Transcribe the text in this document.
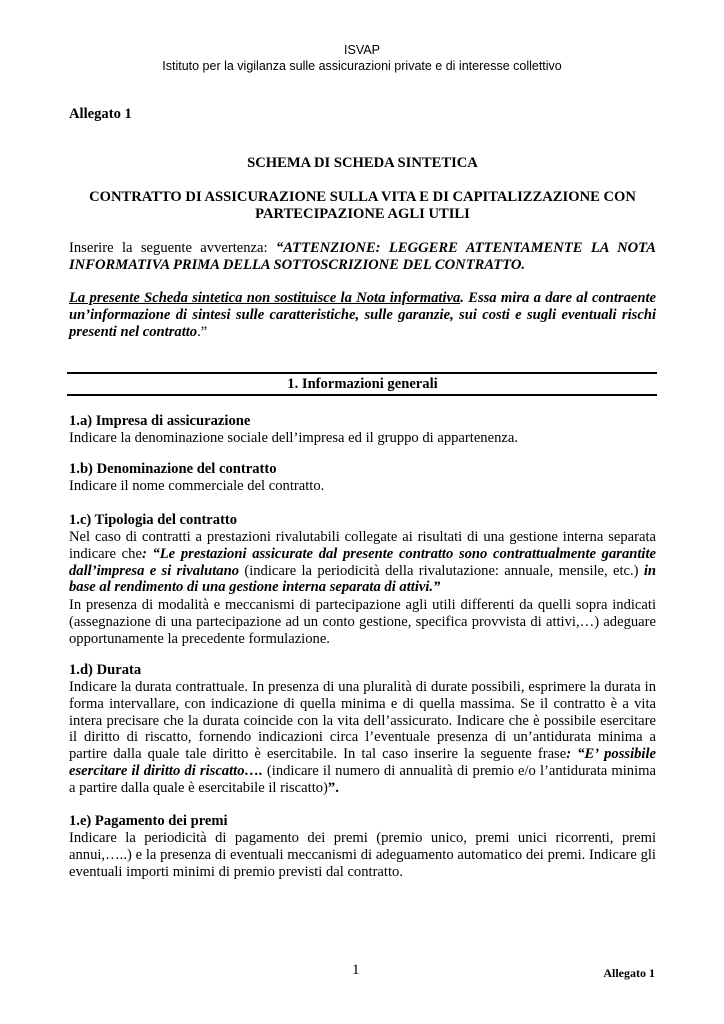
ISVAP
Istituto per la vigilanza sulle assicurazioni private e di interesse collettivo
Allegato 1
SCHEMA DI SCHEDA SINTETICA
CONTRATTO DI ASSICURAZIONE SULLA VITA E DI CAPITALIZZAZIONE CON PARTECIPAZIONE AGLI UTILI

Inserire la seguente avvertenza: “ATTENZIONE: LEGGERE ATTENTAMENTE LA NOTA INFORMATIVA PRIMA DELLA SOTTOSCRIZIONE DEL CONTRATTO.

La presente Scheda sintetica non sostituisce la Nota informativa. Essa mira a dare al contraente un’informazione di sintesi sulle caratteristiche, sulle garanzie, sui costi e sugli eventuali rischi presenti nel contratto.”

1. Informazioni generali
1.a) Impresa di assicurazione
Indicare la denominazione sociale dell’impresa ed il gruppo di appartenenza.
1.b) Denominazione del contratto
Indicare il nome commerciale del contratto.
1.c) Tipologia del contratto

Nel caso di contratti a prestazioni rivalutabili collegate ai risultati di una gestione interna separata indicare che: “Le prestazioni assicurate dal presente contratto sono contrattualmente garantite dall’impresa e si rivalutano (indicare la periodicità della rivalutazione: annuale, mensile, etc.) in base al rendimento di una gestione interna separata di attivi.”

In presenza di modalità e meccanismi di partecipazione agli utili differenti da quelli sopra indicati (assegnazione di una partecipazione ad un conto gestione, specifica provvista di attivi,…) adeguare opportunamente la precedente formulazione.

1.d) Durata

Indicare la durata contrattuale. In presenza di una pluralità di durate possibili, esprimere la durata in forma intervallare, con indicazione di quella minima e di quella massima. Se il contratto è a vita intera precisare che la durata coincide con la vita dell’assicurato. Indicare che è possibile esercitare il diritto di riscatto, fornendo indicazioni circa l’eventuale presenza di un’antidurata minima a partire dalla quale tale diritto è esercitabile. In tal caso inserire la seguente frase: “E’ possibile esercitare il diritto di riscatto…. (indicare il numero di annualità di premio e/o l’antidurata minima a partire dalla quale è esercitabile il riscatto)”.

1.e) Pagamento dei premi

Indicare la periodicità di pagamento dei premi (premio unico, premi unici ricorrenti, premi annui,…..) e la presenza di eventuali meccanismi di adeguamento automatico dei premi. Indicare gli eventuali importi minimi di premio previsti dal contratto.

1	Allegato 1
